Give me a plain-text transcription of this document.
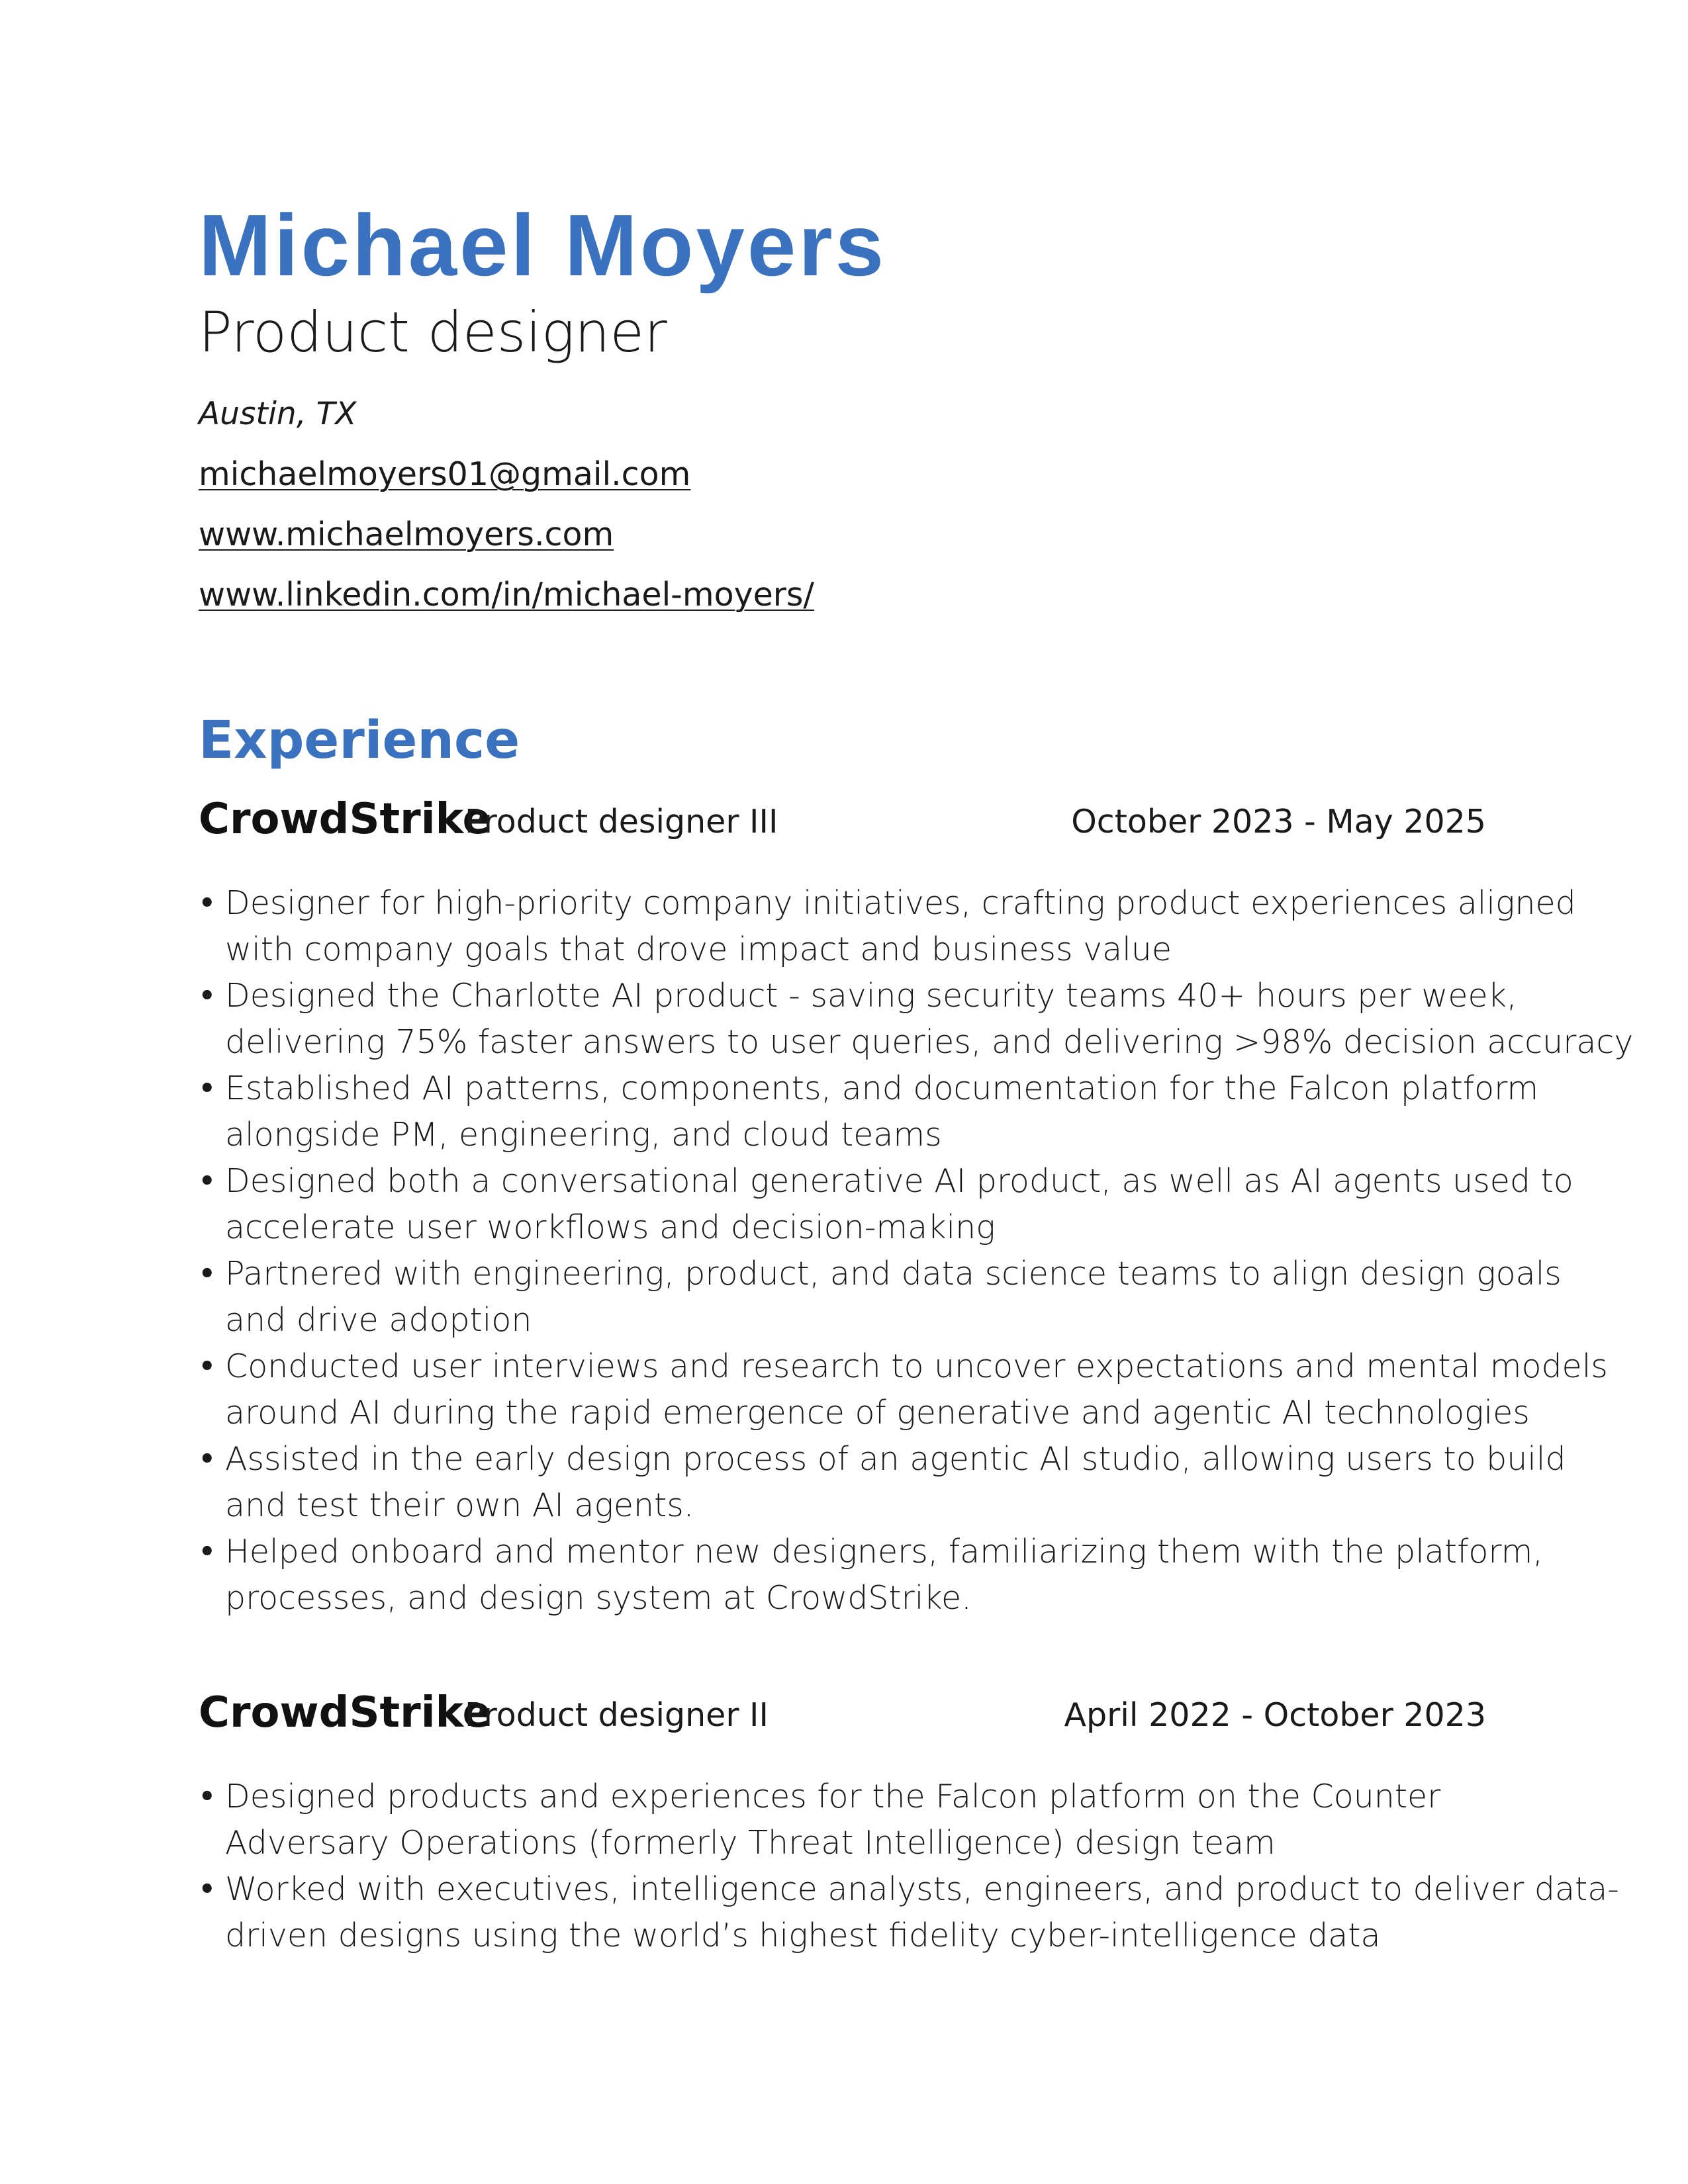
Michael Moyers
Product designer
Austin, TX
michaelmoyers01@gmail.com
www.michaelmoyers.com
www.linkedin.com/in/michael-moyers/
Experience
CrowdStrike
Product designer III	October 2023 - May 2025
• Designer for high-priority company initiatives, crafting product experiences aligned
with company goals that drove impact and business value
• Designed the Charlotte AI product - saving security teams 40+ hours per week,
delivering 75% faster answers to user queries, and delivering >98% decision accuracy
• Established AI patterns, components, and documentation for the Falcon platform
alongside PM, engineering, and cloud teams
• Designed both a conversational generative AI product, as well as AI agents used to
accelerate user workflows and decision-making
• Partnered with engineering, product, and data science teams to align design goals
and drive adoption
• Conducted user interviews and research to uncover expectations and mental models
around AI during the rapid emergence of generative and agentic AI technologies
• Assisted in the early design process of an agentic AI studio, allowing users to build
and test their own AI agents.
• Helped onboard and mentor new designers, familiarizing them with the platform,
processes, and design system at CrowdStrike.
CrowdStrike
Product designer II	April 2022 - October 2023
• Designed products and experiences for the Falcon platform on the Counter
Adversary Operations (formerly Threat Intelligence) design team
• Worked with executives, intelligence analysts, engineers, and product to deliver data-
driven designs using the world’s highest fidelity cyber-intelligence data
